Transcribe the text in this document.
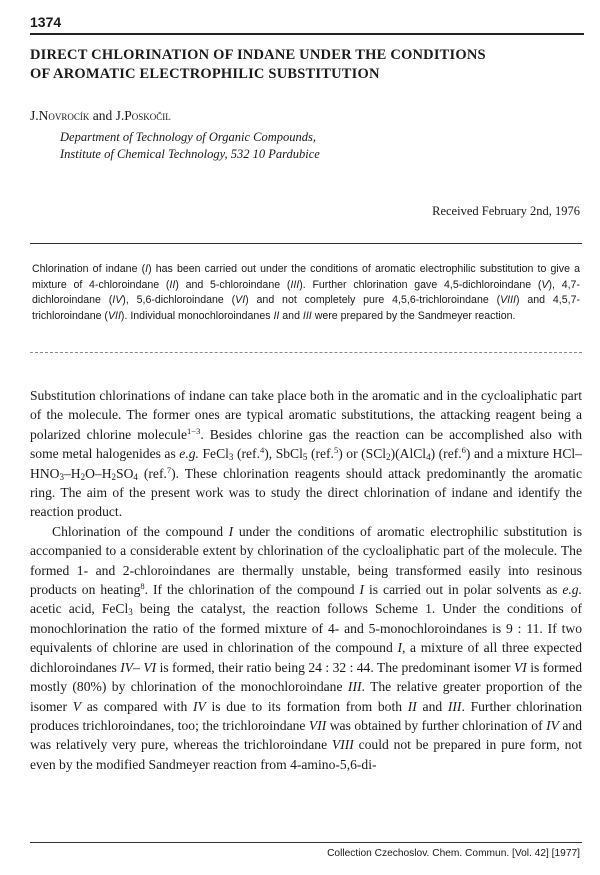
1374
DIRECT CHLORINATION OF INDANE UNDER THE CONDITIONS
OF AROMATIC ELECTROPHILIC SUBSTITUTION
J.Novrocík and J.Poskočil
Department of Technology of Organic Compounds,
Institute of Chemical Technology, 532 10 Pardubice
Received February 2nd, 1976
Chlorination of indane (I) has been carried out under the conditions of aromatic electrophilic substitution to give a mixture of 4-chloroindane (II) and 5-chloroindane (III). Further chlorination gave 4,5-dichloroindane (V), 4,7-dichloroindane (IV), 5,6-dichloroindane (VI) and not completely pure 4,5,6-trichloroindane (VIII) and 4,5,7-trichloroindane (VII). Individual monochloroindanes II and III were prepared by the Sandmeyer reaction.

Substitution chlorinations of indane can take place both in the aromatic and in the cycloaliphatic part of the molecule. The former ones are typical aromatic substitutions, the attacking reagent being a polarized chlorine molecule$^{1-3}$. Besides chlorine gas the reaction can be accomplished also with some metal halogenides as e.g. FeCl$_3$ (ref.$^4$), SbCl$_5$ (ref.$^5$) or (SCl$_2$)(AlCl$_4$) (ref.$^6$) and a mixture HCl–$HNO_3-H_2O-H_2SO_4$ (ref.$^7$). These chlorination reagents should attack predominantly the aromatic ring. The aim of the present work was to study the direct chlorination of indane and identify the reaction product.

Chlorination of the compound I under the conditions of aromatic electrophilic substitution is accompanied to a considerable extent by chlorination of the cycloaliphatic part of the molecule. The formed 1- and 2-chloroindanes are thermally unstable, being transformed easily into resinous products on heating$^8$. If the chlorination of the compound I is carried out in polar solvents as e.g. acetic acid, FeCl$_3$ being the catalyst, the reaction follows Scheme 1. Under the conditions of monochlorination the ratio of the formed mixture of 4- and 5-monochloroindanes is 9 : 11. If two equivalents of chlorine are used in chlorination of the compound I, a mixture of all three expected dichloroindanes IV– VI is formed, their ratio being 24 : 32 : 44. The predominant isomer VI is formed mostly (80%) by chlorination of the monochloroindane III. The relative greater proportion of the isomer V as compared with IV is due to its formation from both II and III. Further chlorination produces trichloroindanes, too; the trichloroindane VII was obtained by further chlorination of IV and was relatively very pure, whereas the trichloroindane VIII could not be prepared in pure form, not even by the modified Sandmeyer reaction from 4-amino-5,6-di-

Collection Czechoslov. Chem. Commun. [Vol. 42] [1977]
